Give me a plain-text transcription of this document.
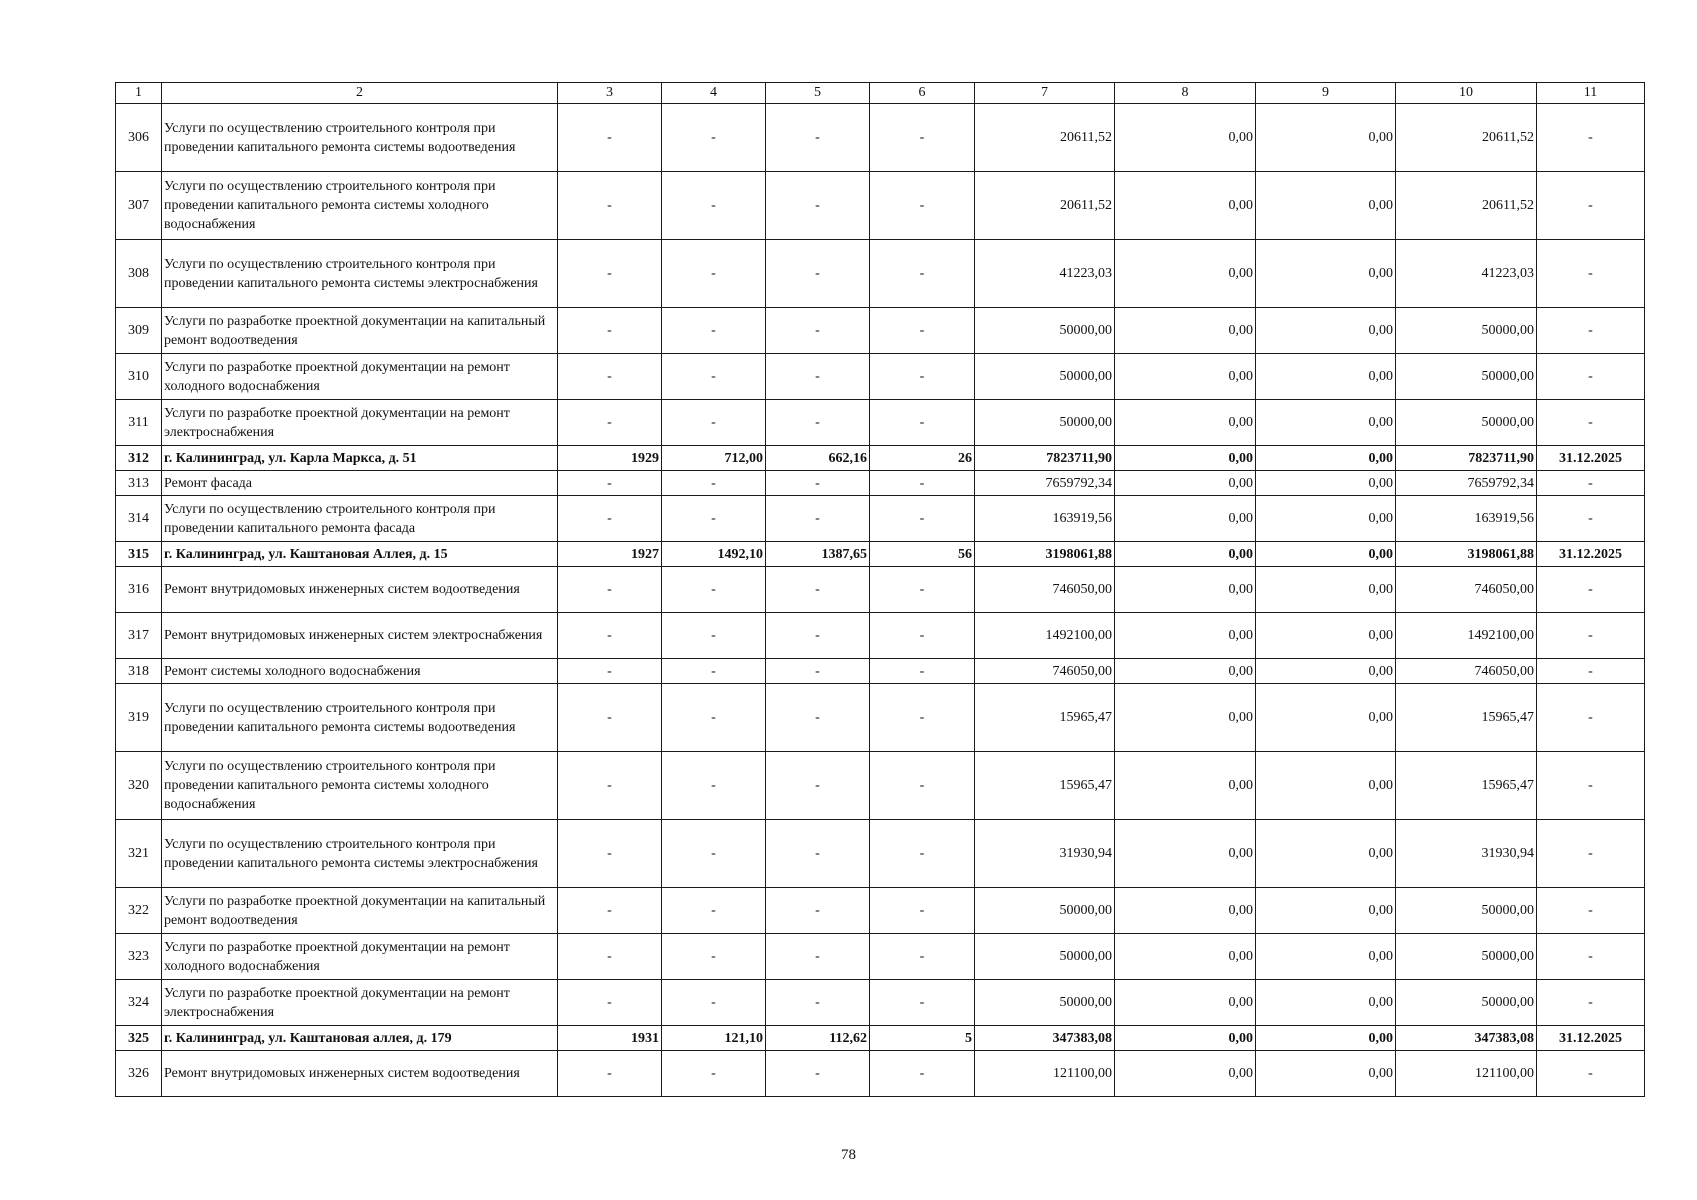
1	2	3	4	5	6	7	8	9	10	11
306	Услуги по осуществлению строительного контроля при проведении капитального ремонта системы водоотведения	-	-	-	-	20611,52	0,00	0,00	20611,52	-
307	Услуги по осуществлению строительного контроля при проведении капитального ремонта системы холодного водоснабжения	-	-	-	-	20611,52	0,00	0,00	20611,52	-
308	Услуги по осуществлению строительного контроля при проведении капитального ремонта системы электроснабжения	-	-	-	-	41223,03	0,00	0,00	41223,03	-
309	Услуги по разработке проектной документации на капитальный ремонт водоотведения	-	-	-	-	50000,00	0,00	0,00	50000,00	-
310	Услуги по разработке проектной документации на ремонт холодного водоснабжения	-	-	-	-	50000,00	0,00	0,00	50000,00	-
311	Услуги по разработке проектной документации на ремонт электроснабжения	-	-	-	-	50000,00	0,00	0,00	50000,00	-
312	г. Калининград, ул. Карла Маркса, д. 51	1929	712,00	662,16	26	7823711,90	0,00	0,00	7823711,90	31.12.2025
313	Ремонт фасада	-	-	-	-	7659792,34	0,00	0,00	7659792,34	-
314	Услуги по осуществлению строительного контроля при проведении капитального ремонта фасада	-	-	-	-	163919,56	0,00	0,00	163919,56	-
315	г. Калининград, ул. Каштановая Аллея, д. 15	1927	1492,10	1387,65	56	3198061,88	0,00	0,00	3198061,88	31.12.2025
316	Ремонт внутридомовых инженерных систем водоотведения	-	-	-	-	746050,00	0,00	0,00	746050,00	-
317	Ремонт внутридомовых инженерных систем электроснабжения	-	-	-	-	1492100,00	0,00	0,00	1492100,00	-
318	Ремонт системы холодного водоснабжения	-	-	-	-	746050,00	0,00	0,00	746050,00	-
319	Услуги по осуществлению строительного контроля при проведении капитального ремонта системы водоотведения	-	-	-	-	15965,47	0,00	0,00	15965,47	-
320	Услуги по осуществлению строительного контроля при проведении капитального ремонта системы холодного водоснабжения	-	-	-	-	15965,47	0,00	0,00	15965,47	-
321	Услуги по осуществлению строительного контроля при проведении капитального ремонта системы электроснабжения	-	-	-	-	31930,94	0,00	0,00	31930,94	-
322	Услуги по разработке проектной документации на капитальный ремонт водоотведения	-	-	-	-	50000,00	0,00	0,00	50000,00	-
323	Услуги по разработке проектной документации на ремонт холодного водоснабжения	-	-	-	-	50000,00	0,00	0,00	50000,00	-
324	Услуги по разработке проектной документации на ремонт электроснабжения	-	-	-	-	50000,00	0,00	0,00	50000,00	-
325	г. Калининград, ул. Каштановая аллея, д. 179	1931	121,10	112,62	5	347383,08	0,00	0,00	347383,08	31.12.2025
326	Ремонт внутридомовых инженерных систем водоотведения	-	-	-	-	121100,00	0,00	0,00	121100,00	-
78
